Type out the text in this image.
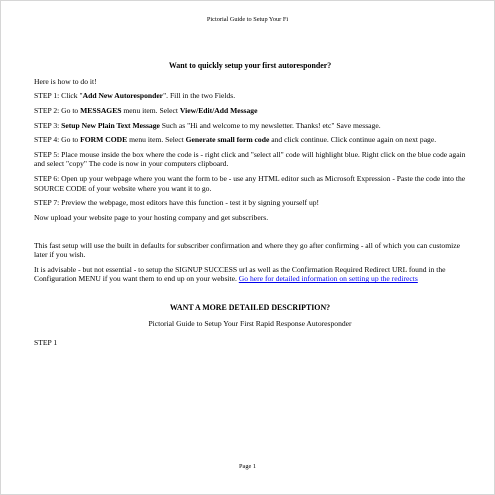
Pictorial Guide to Setup Your Fi

Want to quickly setup your first autoresponder?

Here is how to do it!

STEP 1: Click "Add New Autoresponder". Fill in the two Fields.

STEP 2: Go to MESSAGES menu item. Select View/Edit/Add Message

STEP 3: Setup New Plain Text Message Such as "Hi and welcome to my newsletter. Thanks! etc" Save message.

STEP 4: Go to FORM CODE menu item. Select Generate small form code and click continue. Click continue again on next page.

STEP 5: Place mouse inside the box where the code is - right click and "select all" code will highlight blue. Right click on the blue code again and select "copy" The code is now in your computers clipboard.

STEP 6: Open up your webpage where you want the form to be - use any HTML editor such as Microsoft Expression - Paste the code into the SOURCE CODE of your website where you want it to go.

STEP 7: Preview the webpage, most editors have this function - test it by signing yourself up!

Now upload your website page to your hosting company and get subscribers.

This fast setup will use the built in defaults for subscriber confirmation and where they go after confirming - all of which you can customize later if you wish.

It is advisable - but not essential - to setup the SIGNUP SUCCESS url as well as the Confirmation Required Redirect URL found in the Configuration MENU if you want them to end up on your website. Go here for detailed information on setting up the redirects

WANT A MORE DETAILED DESCRIPTION?

Pictorial Guide to Setup Your First Rapid Response Autoresponder

STEP 1

Page 1
